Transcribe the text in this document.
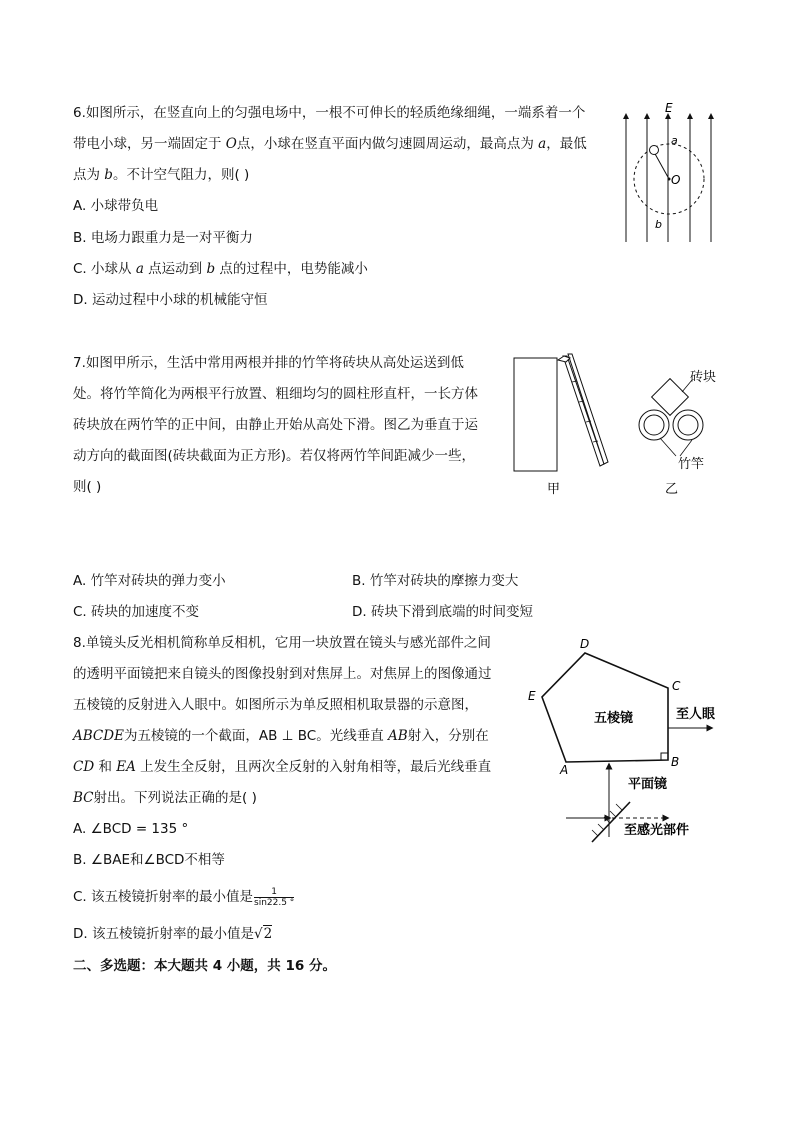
6.如图所示，在竖直向上的匀强电场中，一根不可伸长的轻质绝缘细绳，一端系着一个
带电小球，另一端固定于 O点，小球在竖直平面内做匀速圆周运动，最高点为 a，最低
点为 b。不计空气阻力，则( )
A. 小球带负电
B. 电场力跟重力是一对平衡力
C. 小球从 a 点运动到 b 点的过程中，电势能减小
D. 运动过程中小球的机械能守恒
E
a
O
b
7.如图甲所示，生活中常用两根并排的竹竿将砖块从高处运送到低
处。将竹竿简化为两根平行放置、粗细均匀的圆柱形直杆，一长方体
砖块放在两竹竿的正中间，由静止开始从高处下滑。图乙为垂直于运
动方向的截面图(砖块截面为正方形)。若仅将两竹竿间距减少一些，
则( )	甲
砖块
竹竿
乙
A. 竹竿对砖块的弹力变小	B. 竹竿对砖块的摩擦力变大
C. 砖块的加速度不变	D. 砖块下滑到底端的时间变短
8.单镜头反光相机简称单反相机，它用一块放置在镜头与感光部件之间
的透明平面镜把来自镜头的图像投射到对焦屏上。对焦屏上的图像通过
五棱镜的反射进入人眼中。如图所示为单反照相机取景器的示意图，
ABCDE为五棱镜的一个截面，AB ⊥ BC。光线垂直 AB射入，分别在
CD 和 EA 上发生全反射，且两次全反射的入射角相等，最后光线垂直
BC射出。下列说法正确的是( )
A. ∠BCD = 135 °
B. ∠BAE和∠BCD不相等
C. 该五棱镜折射率的最小值是 $\frac{1}{\sin 22.5 ^\circ}$
D. 该五棱镜折射率的最小值是√2
二、多选题：本大题共 4 小题，共 16 分。
D
C
E
B
A
五棱镜	至人眼
平面镜
至感光部件
